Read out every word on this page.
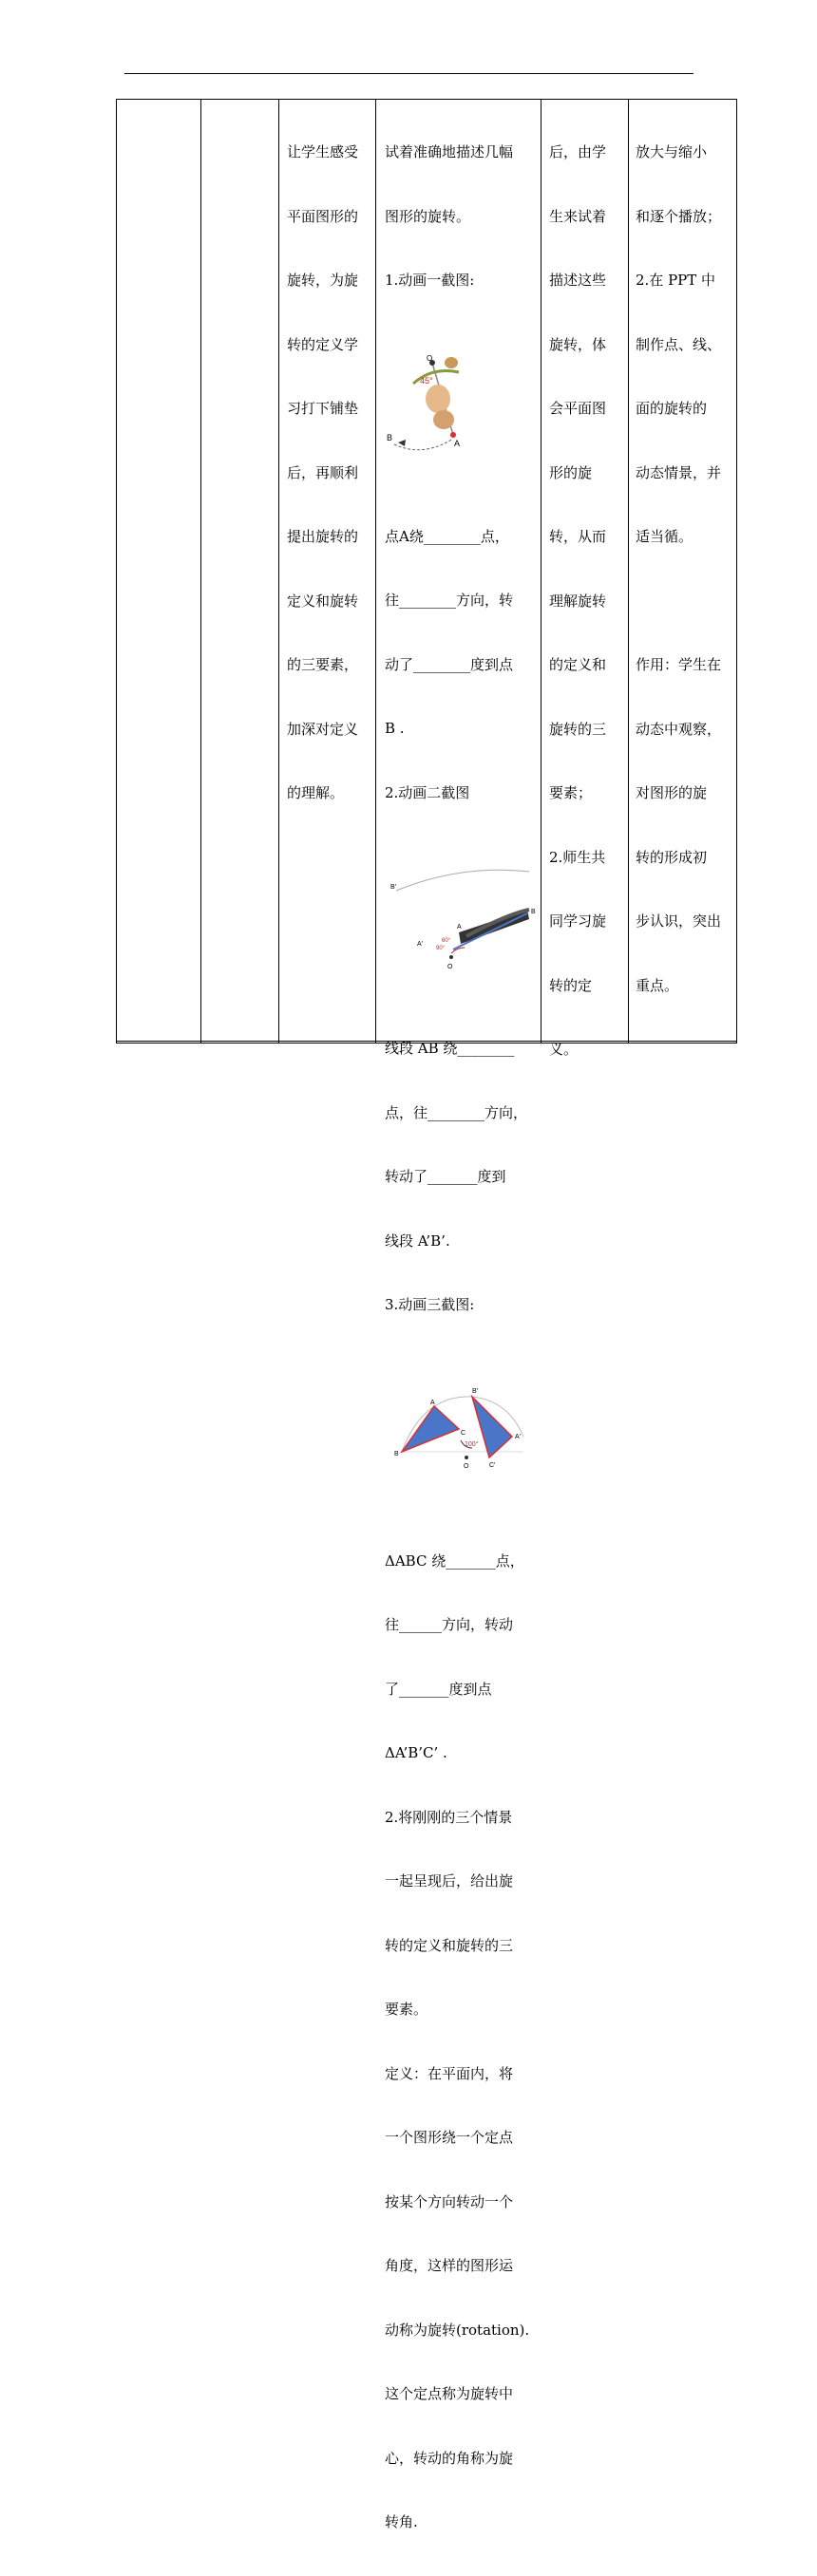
让学生感受

平面图形的

旋转，为旋

转的定义学

习打下铺垫

后，再顺利

提出旋转的

定义和旋转

的三要素，

加深对定义

的理解。

试着准确地描述几幅

图形的旋转。

1.动画一截图:

45°
O
B
A

点A绕________点，

往________方向，转

动了________度到点

B .

2.动画二截图

B′
B
A
A′
O
60°
90°

线段 AB 绕________

点，往________方向，

转动了_______度到

线段 A’B’.

3.动画三截图:

A
B
C
B′
A′
C′
O
100°

ΔABC 绕_______点，

往______方向，转动

了_______度到点

ΔA’B’C’ .

2.将刚刚的三个情景

一起呈现后，给出旋

转的定义和旋转的三

要素。

定义：在平面内，将

一个图形绕一个定点

按某个方向转动一个

角度，这样的图形运

动称为旋转(rotation).

这个定点称为旋转中

心，转动的角称为旋

转角.

后，由学

生来试着

描述这些

旋转，体

会平面图

形的旋

转，从而

理解旋转

的定义和

旋转的三

要素；

2.师生共

同学习旋

转的定

义。

放大与缩小

和逐个播放；

2.在 PPT 中

制作点、线、

面的旋转的

动态情景，并

适当循。

作用：学生在

动态中观察，

对图形的旋

转的形成初

步认识，突出

重点。
